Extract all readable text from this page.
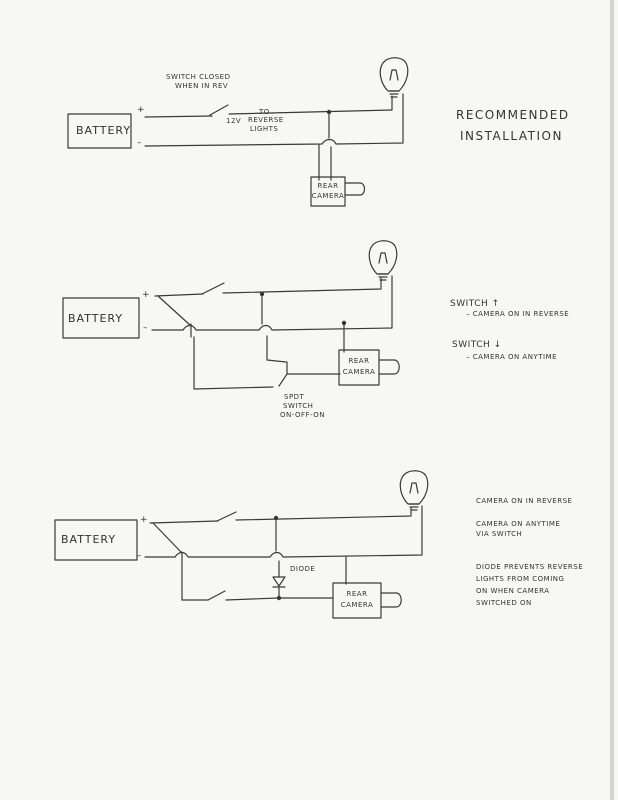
BATTERY
+
–
SWITCH CLOSED
WHEN IN REV
12V
TO
REVERSE
LIGHTS
REAR
CAMERA
RECOMMENDED
INSTALLATION
BATTERY
+
–
REAR
CAMERA
SPDT
SWITCH
ON-OFF-ON
SWITCH ↑
– CAMERA ON IN REVERSE
SWITCH ↓
– CAMERA ON ANYTIME
BATTERY
+
–
DIODE
REAR
CAMERA
CAMERA ON IN REVERSE
CAMERA ON ANYTIME
VIA SWITCH
DIODE PREVENTS REVERSE
LIGHTS FROM COMING
ON WHEN CAMERA
SWITCHED ON
